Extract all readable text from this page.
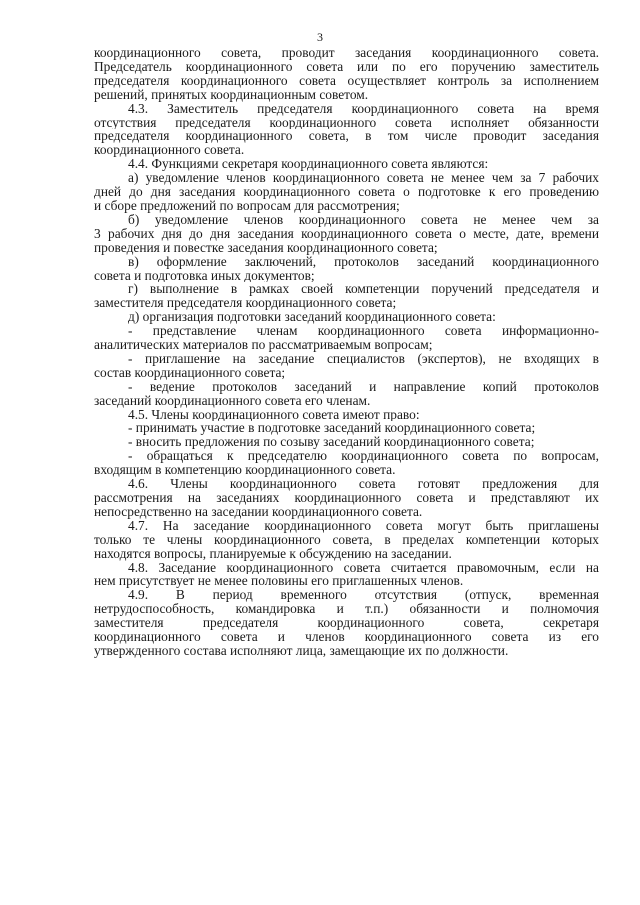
3
координационного совета, проводит заседания координационного совета.
Председатель координационного совета или по его поручению заместитель
председателя координационного совета осуществляет контроль за исполнением
решений, принятых координационным советом.
4.3. Заместитель председателя координационного совета на время
отсутствия председателя координационного совета исполняет обязанности
председателя координационного совета, в том числе проводит заседания
координационного совета.
4.4. Функциями секретаря координационного совета являются:
а) уведомление членов координационного совета не менее чем за 7 рабочих
дней до дня заседания координационного совета о подготовке к его проведению
и сборе предложений по вопросам для рассмотрения;
б) уведомление членов координационного совета не менее чем за
3 рабочих дня до дня заседания координационного совета о месте, дате, времени
проведения и повестке заседания координационного совета;
в) оформление заключений, протоколов заседаний координационного
совета и подготовка иных документов;
г) выполнение в рамках своей компетенции поручений председателя и
заместителя председателя координационного совета;
д) организация подготовки заседаний координационного совета:
- представление членам координационного совета информационно-
аналитических материалов по рассматриваемым вопросам;
- приглашение на заседание специалистов (экспертов), не входящих в
состав координационного совета;
- ведение протоколов заседаний и направление копий протоколов
заседаний координационного совета его членам.
4.5. Члены координационного совета имеют право:
- принимать участие в подготовке заседаний координационного совета;
- вносить предложения по созыву заседаний координационного совета;
- обращаться к председателю координационного совета по вопросам,
входящим в компетенцию координационного совета.
4.6. Члены координационного совета готовят предложения для
рассмотрения на заседаниях координационного совета и представляют их
непосредственно на заседании координационного совета.
4.7. На заседание координационного совета могут быть приглашены
только те члены координационного совета, в пределах компетенции которых
находятся вопросы, планируемые к обсуждению на заседании.
4.8. Заседание координационного совета считается правомочным, если на
нем присутствует не менее половины его приглашенных членов.
4.9. В период временного отсутствия (отпуск, временная
нетрудоспособность, командировка и т.п.) обязанности и полномочия
заместителя председателя координационного совета, секретаря
координационного совета и членов координационного совета из его
утвержденного состава исполняют лица, замещающие их по должности.
